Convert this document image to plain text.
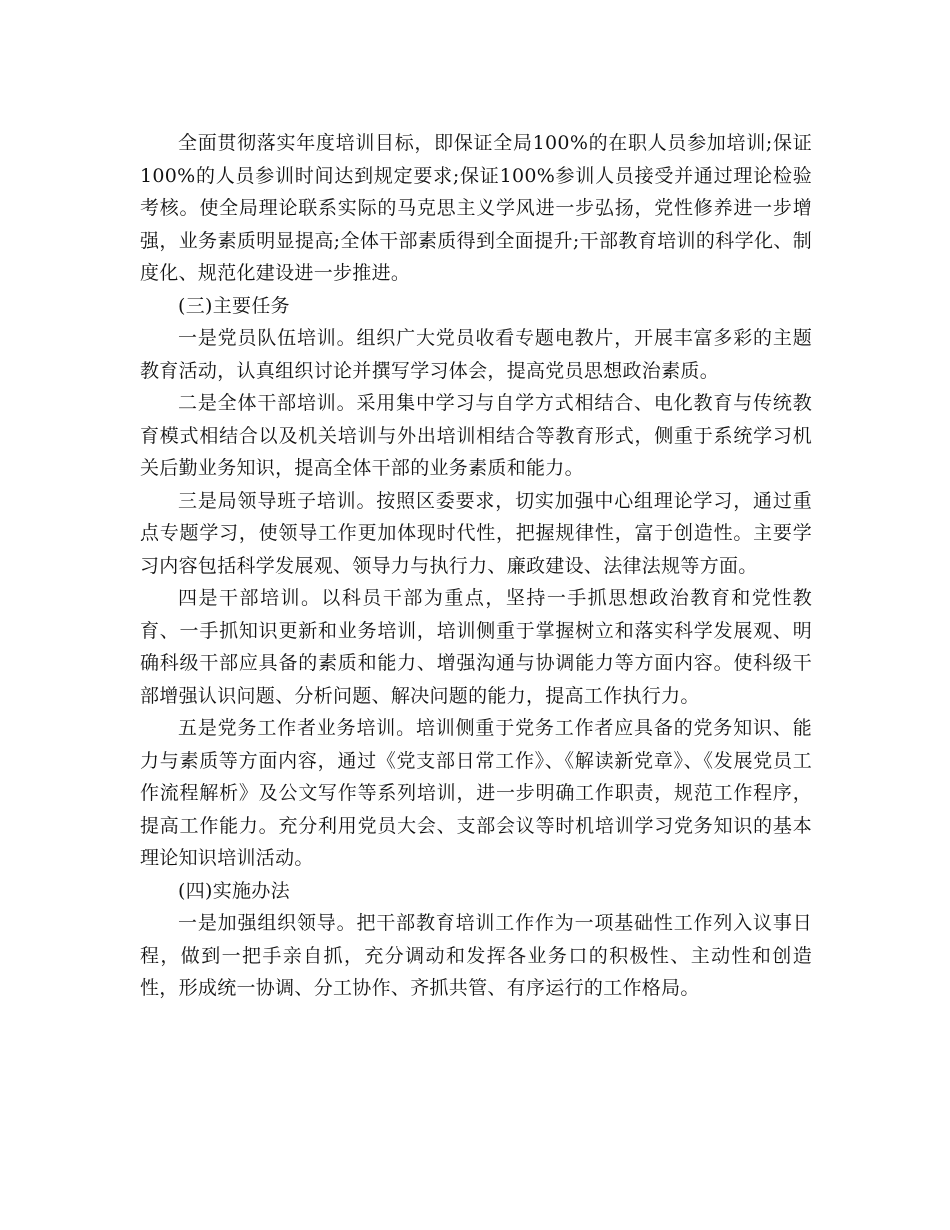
全面贯彻落实年度培训目标，即保证全局100%的在职人员参加培训;保证100%的人员参训时间达到规定要求;保证100%参训人员接受并通过理论检验考核。使全局理论联系实际的马克思主义学风进一步弘扬，党性修养进一步增强，业务素质明显提高;全体干部素质得到全面提升;干部教育培训的科学化、制度化、规范化建设进一步推进。

(三)主要任务

一是党员队伍培训。组织广大党员收看专题电教片，开展丰富多彩的主题教育活动，认真组织讨论并撰写学习体会，提高党员思想政治素质。

二是全体干部培训。采用集中学习与自学方式相结合、电化教育与传统教育模式相结合以及机关培训与外出培训相结合等教育形式，侧重于系统学习机关后勤业务知识，提高全体干部的业务素质和能力。

三是局领导班子培训。按照区委要求，切实加强中心组理论学习，通过重点专题学习，使领导工作更加体现时代性，把握规律性，富于创造性。主要学习内容包括科学发展观、领导力与执行力、廉政建设、法律法规等方面。

四是干部培训。以科员干部为重点，坚持一手抓思想政治教育和党性教育、一手抓知识更新和业务培训，培训侧重于掌握树立和落实科学发展观、明确科级干部应具备的素质和能力、增强沟通与协调能力等方面内容。使科级干部增强认识问题、分析问题、解决问题的能力，提高工作执行力。

五是党务工作者业务培训。培训侧重于党务工作者应具备的党务知识、能力与素质等方面内容，通过《党支部日常工作》、《解读新党章》、《发展党员工作流程解析》及公文写作等系列培训，进一步明确工作职责，规范工作程序，提高工作能力。充分利用党员大会、支部会议等时机培训学习党务知识的基本理论知识培训活动。

(四)实施办法

一是加强组织领导。把干部教育培训工作作为一项基础性工作列入议事日程，做到一把手亲自抓，充分调动和发挥各业务口的积极性、主动性和创造性，形成统一协调、分工协作、齐抓共管、有序运行的工作格局。
